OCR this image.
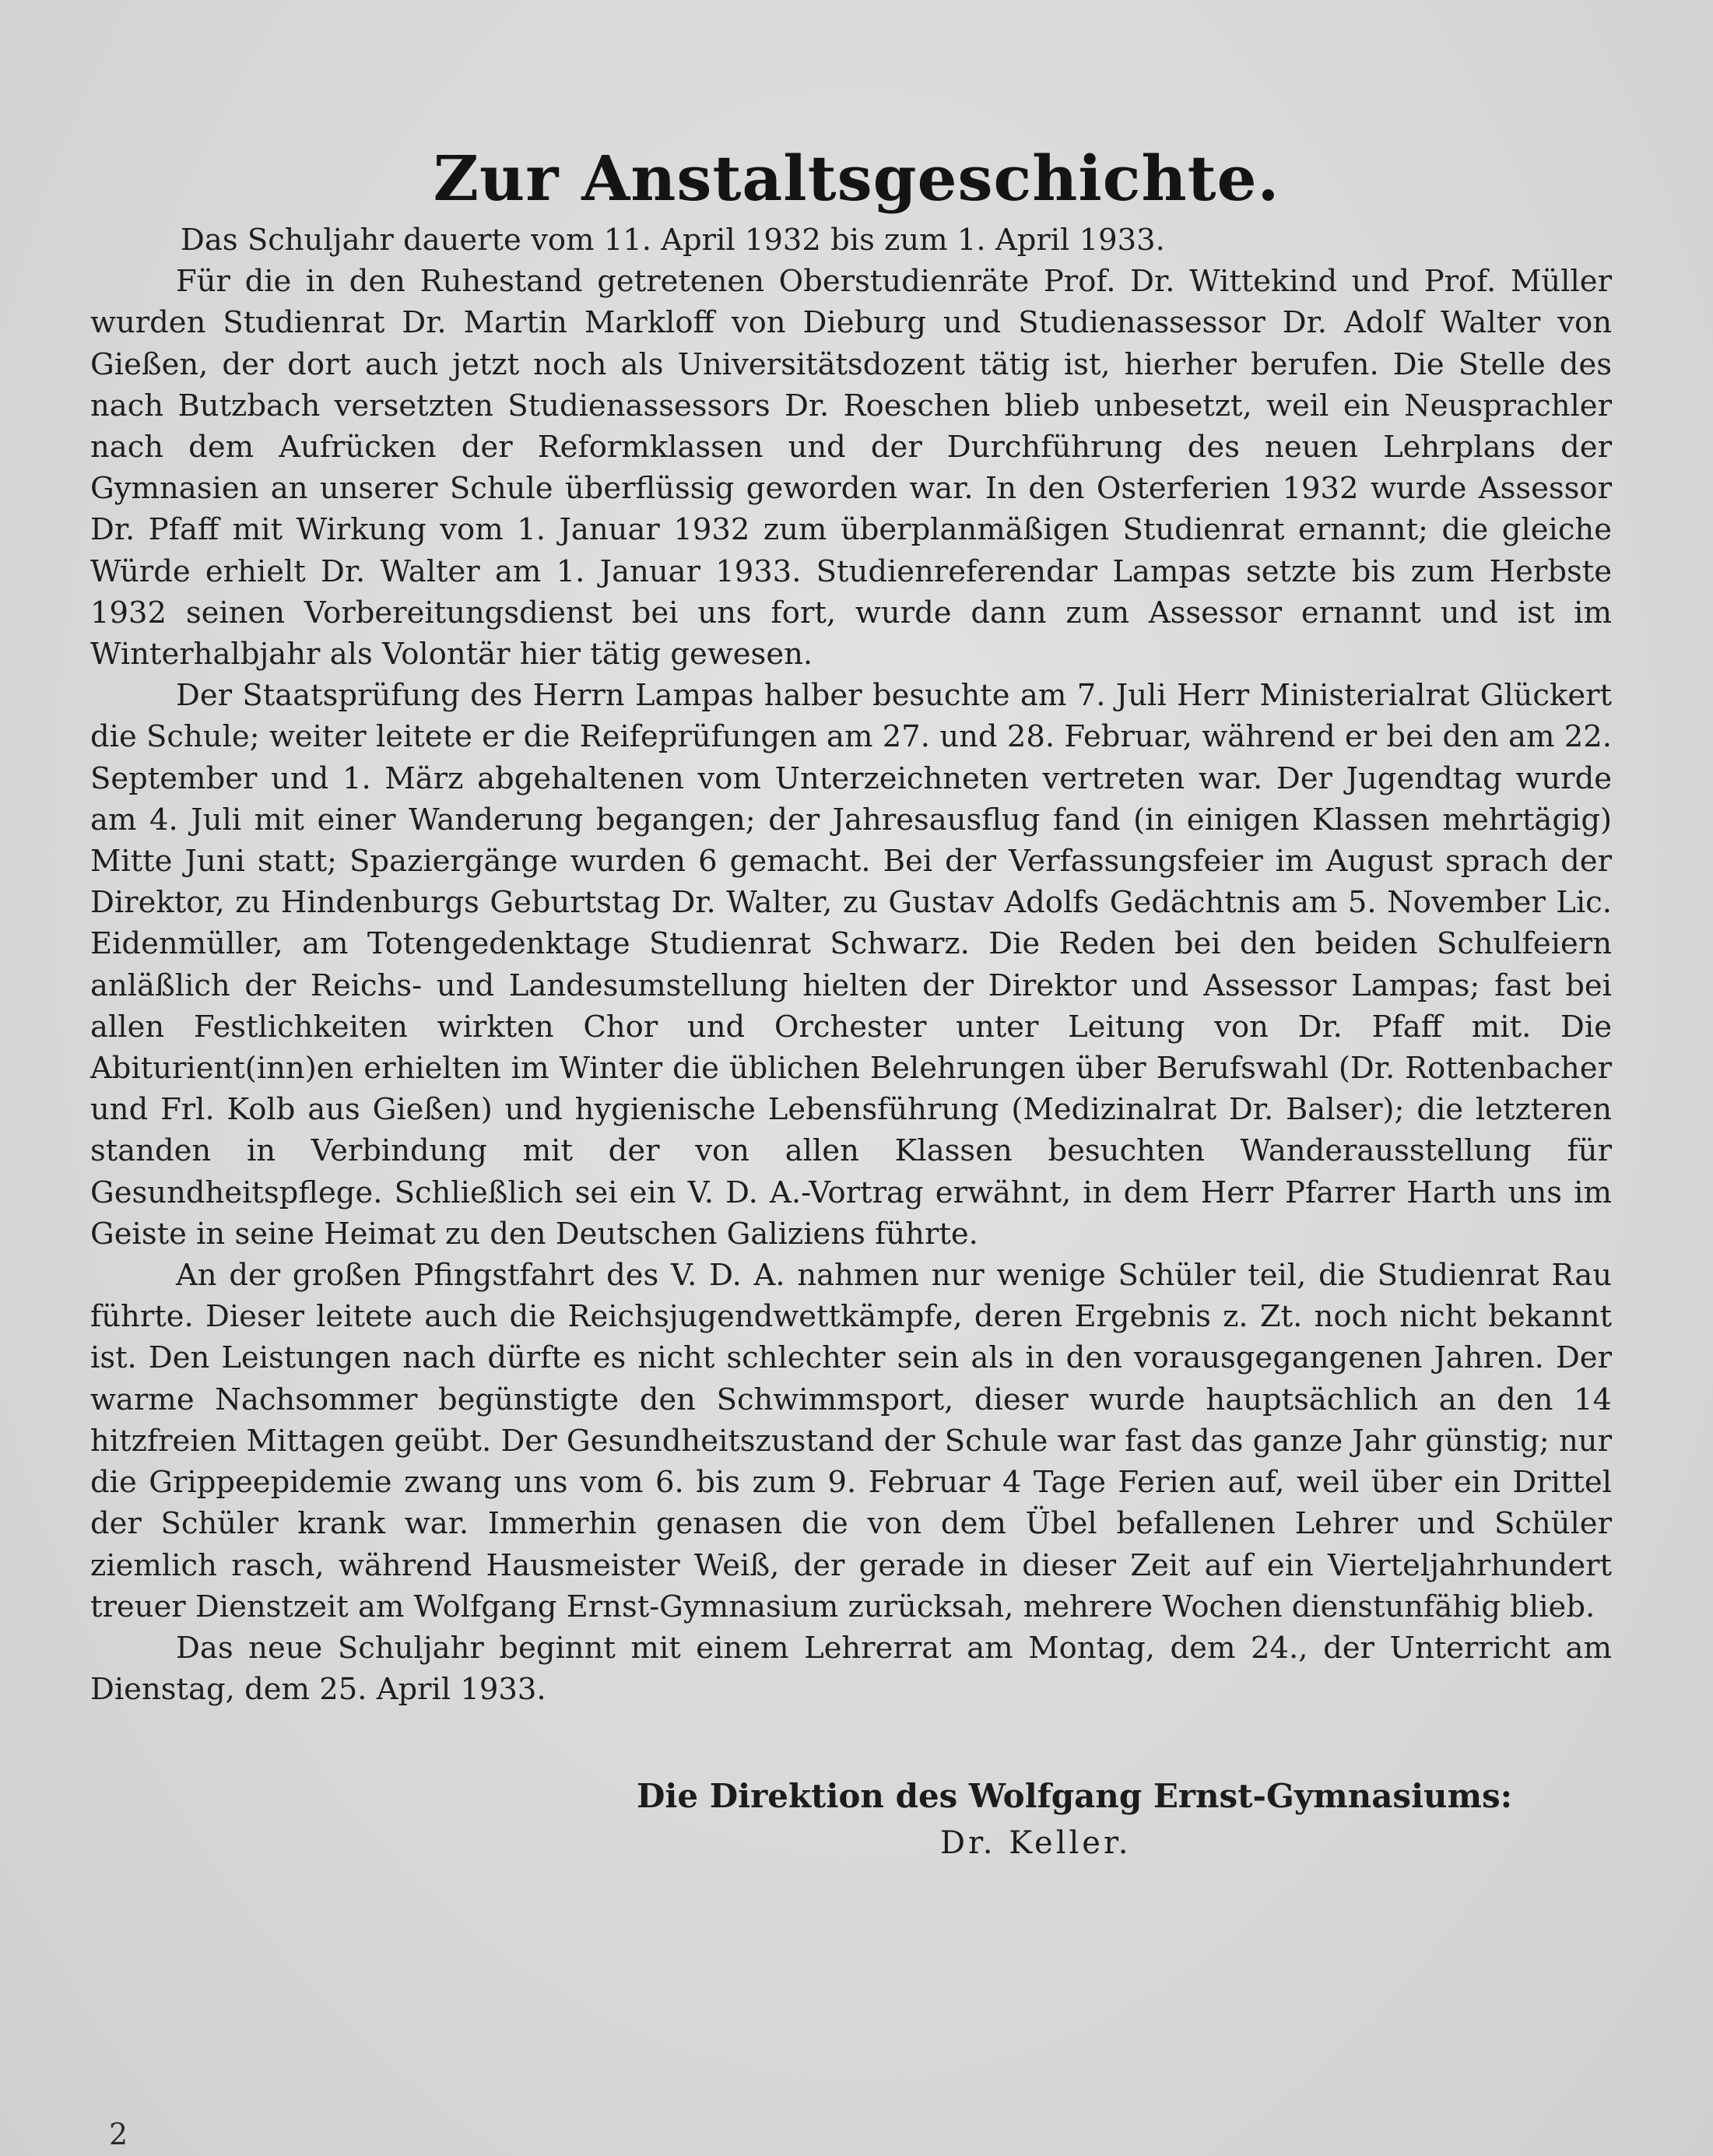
Zur Anstaltsgeschichte.

Das Schuljahr dauerte vom 11. April 1932 bis zum 1. April 1933.

Für die in den Ruhestand getretenen Oberstudienräte Prof. Dr. Wittekind und Prof. Müller wurden Studienrat Dr. Martin Markloff von Dieburg und Studienassessor Dr. Adolf Walter von Gießen, der dort auch jetzt noch als Universitätsdozent tätig ist, hierher berufen. Die Stelle des nach Butzbach versetzten Studienassessors Dr. Roeschen blieb unbesetzt, weil ein Neusprachler nach dem Aufrücken der Reformklassen und der Durchführung des neuen Lehrplans der Gymnasien an unserer Schule überflüssig geworden war. In den Osterferien 1932 wurde Assessor Dr. Pfaff mit Wirkung vom 1. Januar 1932 zum überplanmäßigen Studienrat ernannt; die gleiche Würde erhielt Dr. Walter am 1. Januar 1933. Studienreferendar Lampas setzte bis zum Herbste 1932 seinen Vorbereitungsdienst bei uns fort, wurde dann zum Assessor ernannt und ist im Winterhalbjahr als Volontär hier tätig gewesen.

Der Staatsprüfung des Herrn Lampas halber besuchte am 7. Juli Herr Ministerialrat Glückert die Schule; weiter leitete er die Reifeprüfungen am 27. und 28. Februar, während er bei den am 22. September und 1. März abgehaltenen vom Unterzeichneten vertreten war. Der Jugendtag wurde am 4. Juli mit einer Wanderung begangen; der Jahresausflug fand (in einigen Klassen mehrtägig) Mitte Juni statt; Spaziergänge wurden 6 gemacht. Bei der Verfassungsfeier im August sprach der Direktor, zu Hindenburgs Geburtstag Dr. Walter, zu Gustav Adolfs Gedächtnis am 5. November Lic. Eidenmüller, am Totengedenktage Studienrat Schwarz. Die Reden bei den beiden Schulfeiern anläßlich der Reichs- und Landesumstellung hielten der Direktor und Assessor Lampas; fast bei allen Festlichkeiten wirkten Chor und Orchester unter Leitung von Dr. Pfaff mit. Die Abiturient(inn)en erhielten im Winter die üblichen Belehrungen über Berufswahl (Dr. Rottenbacher und Frl. Kolb aus Gießen) und hygienische Lebensführung (Medizinalrat Dr. Balser); die letzteren standen in Verbindung mit der von allen Klassen besuchten Wanderausstellung für Gesundheitspflege. Schließlich sei ein V. D. A.-Vortrag erwähnt, in dem Herr Pfarrer Harth uns im Geiste in seine Heimat zu den Deutschen Galiziens führte.

An der großen Pfingstfahrt des V. D. A. nahmen nur wenige Schüler teil, die Studienrat Rau führte. Dieser leitete auch die Reichsjugendwettkämpfe, deren Ergebnis z. Zt. noch nicht bekannt ist. Den Leistungen nach dürfte es nicht schlechter sein als in den vorausgegangenen Jahren. Der warme Nachsommer begünstigte den Schwimmsport, dieser wurde hauptsächlich an den 14 hitzfreien Mittagen geübt. Der Gesundheitszustand der Schule war fast das ganze Jahr günstig; nur die Grippeepidemie zwang uns vom 6. bis zum 9. Februar 4 Tage Ferien auf, weil über ein Drittel der Schüler krank war. Immerhin genasen die von dem Übel befallenen Lehrer und Schüler ziemlich rasch, während Hausmeister Weiß, der gerade in dieser Zeit auf ein Vierteljahrhundert treuer Dienstzeit am Wolfgang Ernst-Gymnasium zurücksah, mehrere Wochen dienstunfähig blieb.

Das neue Schuljahr beginnt mit einem Lehrerrat am Montag, dem 24., der Unterricht am Dienstag, dem 25. April 1933.

Die Direktion des Wolfgang Ernst-Gymnasiums:
Dr. Keller.
2
